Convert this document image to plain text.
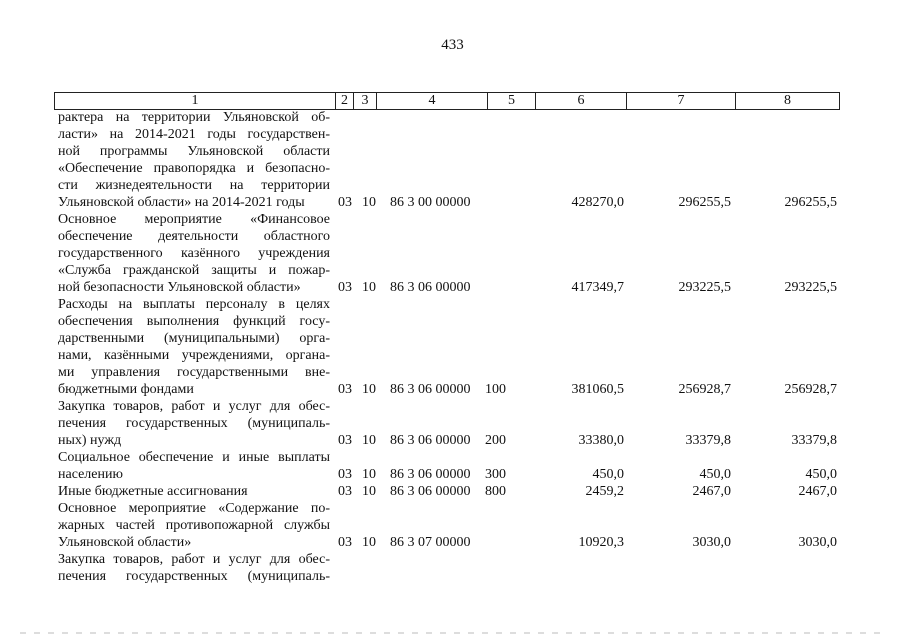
433
1	2 3	4	5	6	7	8
рактера на территории Ульяновской об-
ласти» на 2014-2021 годы государствен-
ной программы Ульяновской области
«Обеспечение правопорядка и безопасно-
сти жизнедеятельности на территории
Ульяновской области» на 2014-2021 годы	03 10 86 3 00 00000	428270,0	296255,5	296255,5
Основное мероприятие «Финансовое
обеспечение деятельности областного
государственного казённого учреждения
«Служба гражданской защиты и пожар-
ной безопасности Ульяновской области»	03 10 86 3 06 00000	417349,7	293225,5	293225,5
Расходы на выплаты персоналу в целях
обеспечения выполнения функций госу-
дарственными (муниципальными) орга-
нами, казёнными учреждениями, органа-
ми управления государственными вне-
бюджетными фондами	03 10 86 3 06 00000 100	381060,5	256928,7	256928,7
Закупка товаров, работ и услуг для обес-
печения государственных (муниципаль-
ных) нужд	03 10 86 3 06 00000 200	33380,0	33379,8	33379,8
Социальное обеспечение и иные выплаты
населению	03 10 86 3 06 00000 300	450,0	450,0	450,0
Иные бюджетные ассигнования	03 10 86 3 06 00000 800	2459,2	2467,0	2467,0
Основное мероприятие «Содержание по-
жарных частей противопожарной службы
Ульяновской области»	03 10 86 3 07 00000	10920,3	3030,0	3030,0
Закупка товаров, работ и услуг для обес-
печения государственных (муниципаль-
